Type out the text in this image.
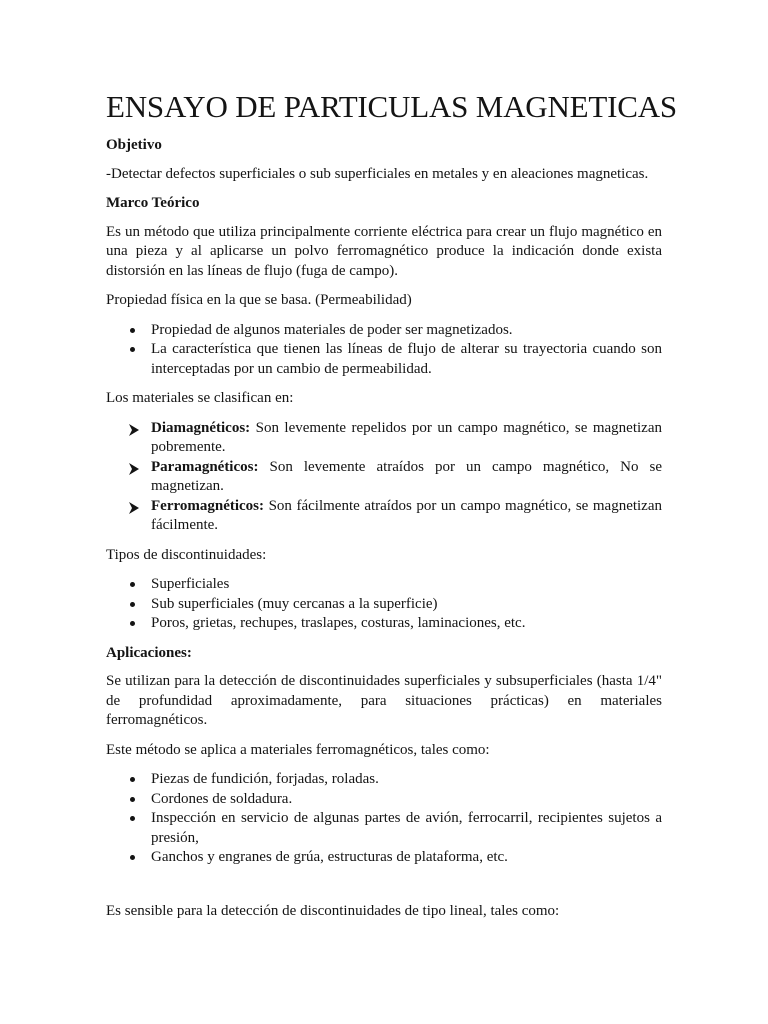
ENSAYO DE PARTICULAS MAGNETICAS

Objetivo

-Detectar defectos superficiales o sub superficiales en metales y en aleaciones magneticas.

Marco Teórico

Es un método que utiliza principalmente corriente eléctrica para crear un flujo magnético en una pieza y al aplicarse un polvo ferromagnético produce la indicación donde exista distorsión en las líneas de flujo (fuga de campo).

Propiedad física en la que se basa. (Permeabilidad)

Propiedad de algunos materiales de poder ser magnetizados.
La característica que tienen las líneas de flujo de alterar su trayectoria cuando son interceptadas por un cambio de permeabilidad.

Los materiales se clasifican en:

Diamagnéticos: Son levemente repelidos por un campo magnético, se magnetizan pobremente.
Paramagnéticos: Son levemente atraídos por un campo magnético, No se magnetizan.
Ferromagnéticos: Son fácilmente atraídos por un campo magnético, se magnetizan fácilmente.

Tipos de discontinuidades:

Superficiales
Sub superficiales (muy cercanas a la superficie)
Poros, grietas, rechupes, traslapes, costuras, laminaciones, etc.

Aplicaciones:

Se utilizan para la detección de discontinuidades superficiales y subsuperficiales (hasta 1/4" de profundidad aproximadamente, para situaciones prácticas) en materiales ferromagnéticos.

Este método se aplica a materiales ferromagnéticos, tales como:

Piezas de fundición, forjadas, roladas.
Cordones de soldadura.
Inspección en servicio de algunas partes de avión, ferrocarril, recipientes sujetos a presión,
Ganchos y engranes de grúa, estructuras de plataforma, etc.

Es sensible para la detección de discontinuidades de tipo lineal, tales como:
